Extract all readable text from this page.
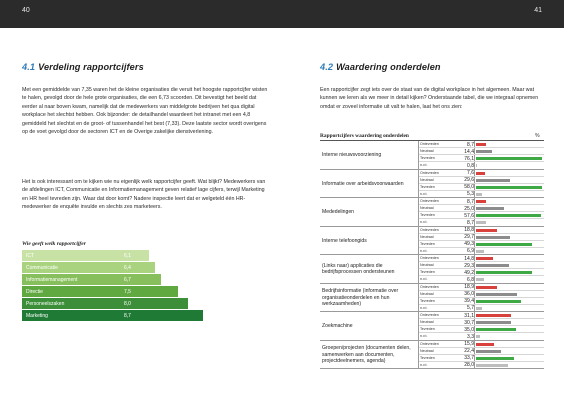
40
4.1 Verdeling rapportcijfers

Met een gemiddelde van 7,35 waren het de kleine organisaties die veruit het hoogste rapportcijfer wisten te halen, gevolgd door de hele grote organisaties, die een 6,73 scoorden. Dit bevestigt het beeld dat eerder al naar boven kwam, namelijk dat de medewerkers van middelgrote bedrijven het qua digital workplace het slechtst hebben. Ook bijzonder: de detailhandel waardeert het intranet met een 4,8 gemiddeld het slechtst en de groot- of tussenhandel het best (7,33). Deze laatste sector wordt overigens op de voet gevolgd door de sectoren ICT en de Overige zakelijke dienstverlening.

Het is ook interessant om te kijken wie nu eigenlijk welk rapportcijfer geeft. Wat blijkt? Medewerkers van de afdelingen ICT, Communicatie en Informatiemanagement geven relatief lage cijfers, terwijl Marketing en HR heel tevreden zijn. Waar dat door komt? Nadere inspectie leert dat er welgeteld één HR-medewerker de enquête invulde en slechts zes marketeers.

Wie geeft welk rapportcijfer
ICT	6,1
Communicatie	6,4
Informatiemanagement	6,7
Directie	7,5
Personeelszaken	8,0
Marketing	8,7
41
4.2 Waardering onderdelen

Een rapportcijfer zegt iets over de staat van de digital workplace in het algemeen. Maar wat kunnen we leren als we meer in detail kijken? Onderstaande tabel, die we integraal opnemen omdat er zoveel informatie uit valt te halen, laat het ons zien:

Rapportcijfers waardering onderdelen	%
Interne nieuwsvoorziening
Ontevreden	8,7
Neutraal	14,4
Tevreden	76,1
n.v.t.	0,8
Informatie over arbeidsvoorwaarden
Ontevreden	7,6
Neutraal	29,6
Tevreden	58,0
n.v.t.	5,3
Mededelingen
Ontevreden	8,7
Neutraal	25,0
Tevreden	57,6
n.v.t.	8,7
Interne telefoongids
Ontevreden	18,8
Neutraal	29,7
Tevreden	49,3
n.v.t.	6,9
(Links naar) applicaties die bedrijfsprocessen ondersteunen
Ontevreden	14,8
Neutraal	29,3
Tevreden	49,2
n.v.t.	6,8
Bedrijfsinformatie (informatie over organisatieonderdelen en hun werkzaamheden)
Ontevreden	18,9
Neutraal	36,0
Tevreden	39,4
n.v.t.	5,7
Zoekmachine
Ontevreden	31,1
Neutraal	30,7
Tevreden	35,0
n.v.t.	3,3
Groepen/projecten (documenten delen, samenwerken aan documenten, projectdeelnemers, agenda)
Ontevreden	15,9
Neutraal	22,4
Tevreden	33,7
n.v.t.	28,0
